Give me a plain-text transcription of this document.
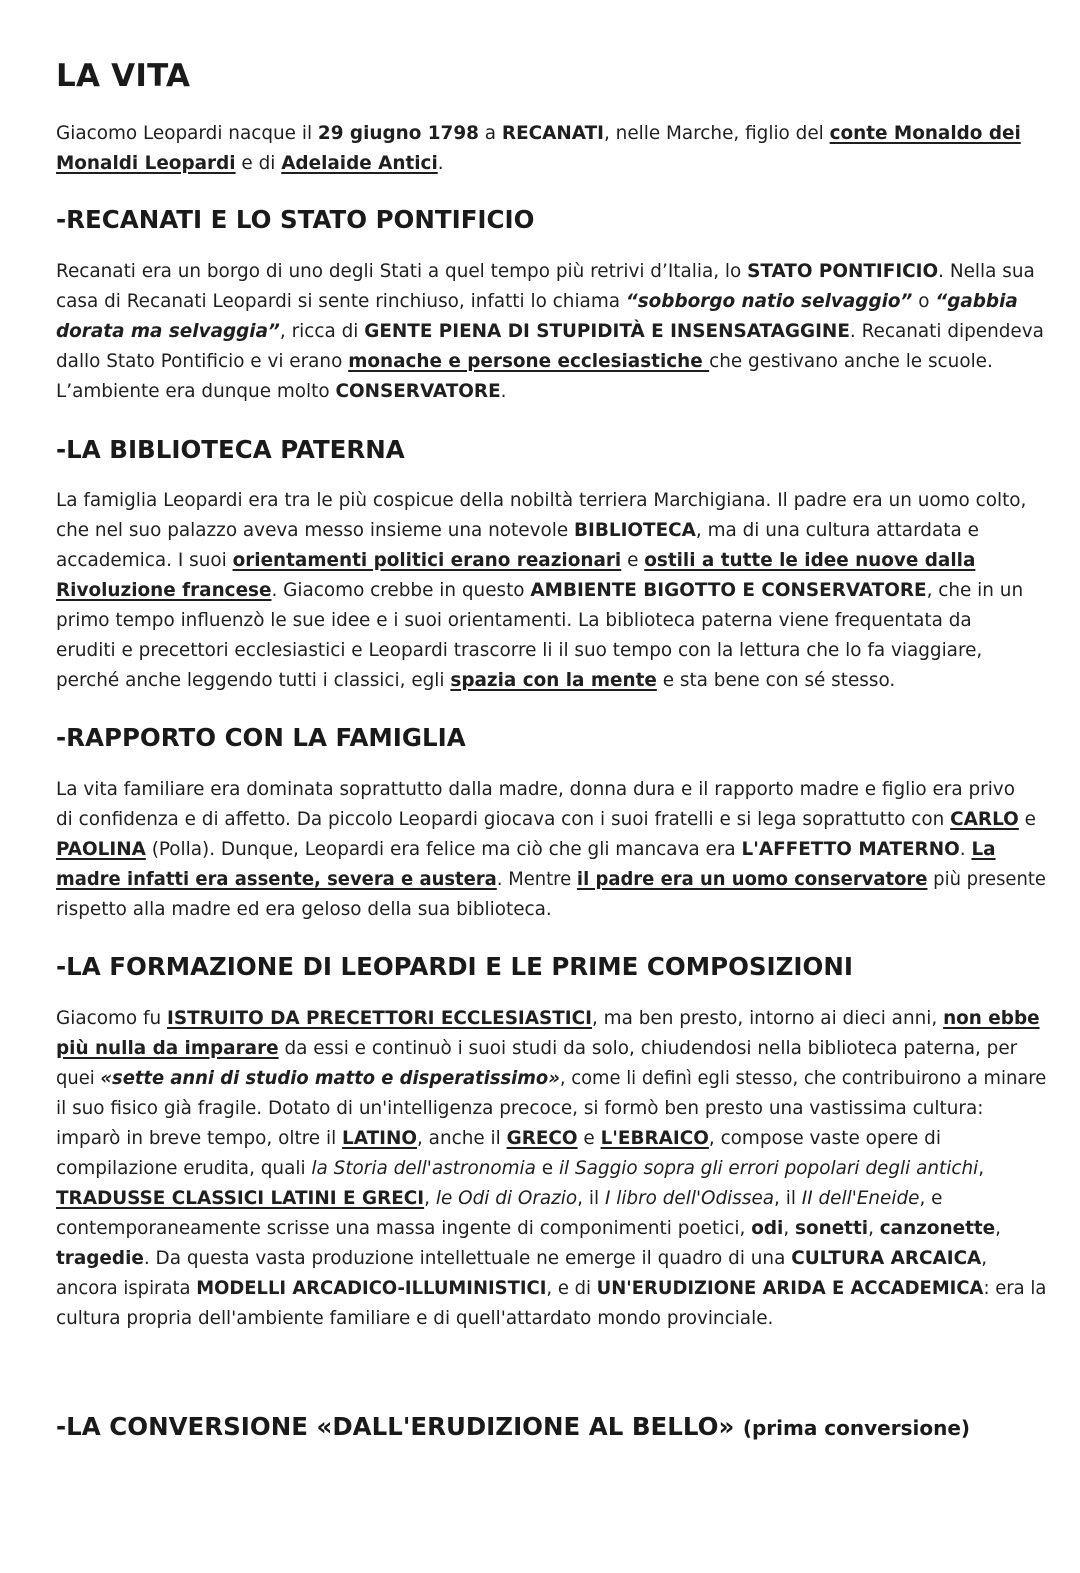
LA VITA
Giacomo Leopardi nacque il 29 giugno 1798 a RECANATI, nelle Marche, figlio del conte Monaldo dei
Monaldi Leopardi e di Adelaide Antici.
-RECANATI E LO STATO PONTIFICIO
Recanati era un borgo di uno degli Stati a quel tempo più retrivi d’Italia, lo STATO PONTIFICIO. Nella sua
casa di Recanati Leopardi si sente rinchiuso, infatti lo chiama “sobborgo natio selvaggio” o “gabbia
dorata ma selvaggia”, ricca di GENTE PIENA DI STUPIDITÀ E INSENSATAGGINE. Recanati dipendeva
dallo Stato Pontificio e vi erano monache e persone ecclesiastiche che gestivano anche le scuole.
L’ambiente era dunque molto CONSERVATORE.
-LA BIBLIOTECA PATERNA
La famiglia Leopardi era tra le più cospicue della nobiltà terriera Marchigiana. Il padre era un uomo colto,
che nel suo palazzo aveva messo insieme una notevole BIBLIOTECA, ma di una cultura attardata e
accademica. I suoi orientamenti politici erano reazionari e ostili a tutte le idee nuove dalla
Rivoluzione francese. Giacomo crebbe in questo AMBIENTE BIGOTTO E CONSERVATORE, che in un
primo tempo influenzò le sue idee e i suoi orientamenti. La biblioteca paterna viene frequentata da
eruditi e precettori ecclesiastici e Leopardi trascorre li il suo tempo con la lettura che lo fa viaggiare,
perché anche leggendo tutti i classici, egli spazia con la mente e sta bene con sé stesso.
-RAPPORTO CON LA FAMIGLIA
La vita familiare era dominata soprattutto dalla madre, donna dura e il rapporto madre e figlio era privo
di confidenza e di affetto. Da piccolo Leopardi giocava con i suoi fratelli e si lega soprattutto con CARLO e
PAOLINA (Polla). Dunque, Leopardi era felice ma ciò che gli mancava era L'AFFETTO MATERNO. La
madre infatti era assente, severa e austera. Mentre il padre era un uomo conservatore più presente
rispetto alla madre ed era geloso della sua biblioteca.
-LA FORMAZIONE DI LEOPARDI E LE PRIME COMPOSIZIONI
Giacomo fu ISTRUITO DA PRECETTORI ECCLESIASTICI, ma ben presto, intorno ai dieci anni, non ebbe
più nulla da imparare da essi e continuò i suoi studi da solo, chiudendosi nella biblioteca paterna, per
quei «sette anni di studio matto e disperatissimo», come li definì egli stesso, che contribuirono a minare
il suo fisico già fragile. Dotato di un'intelligenza precoce, si formò ben presto una vastissima cultura:
imparò in breve tempo, oltre il LATINO, anche il GRECO e L'EBRAICO, compose vaste opere di
compilazione erudita, quali la Storia dell'astronomia e il Saggio sopra gli errori popolari degli antichi,
TRADUSSE CLASSICI LATINI E GRECI, le Odi di Orazio, il I libro dell'Odissea, il II dell'Eneide, e
contemporaneamente scrisse una massa ingente di componimenti poetici, odi, sonetti, canzonette,
tragedie. Da questa vasta produzione intellettuale ne emerge il quadro di una CULTURA ARCAICA,
ancora ispirata MODELLI ARCADICO-ILLUMINISTICI, e di UN'ERUDIZIONE ARIDA E ACCADEMICA: era la
cultura propria dell'ambiente familiare e di quell'attardato mondo provinciale.
-LA CONVERSIONE «DALL'ERUDIZIONE AL BELLO» (prima conversione)
